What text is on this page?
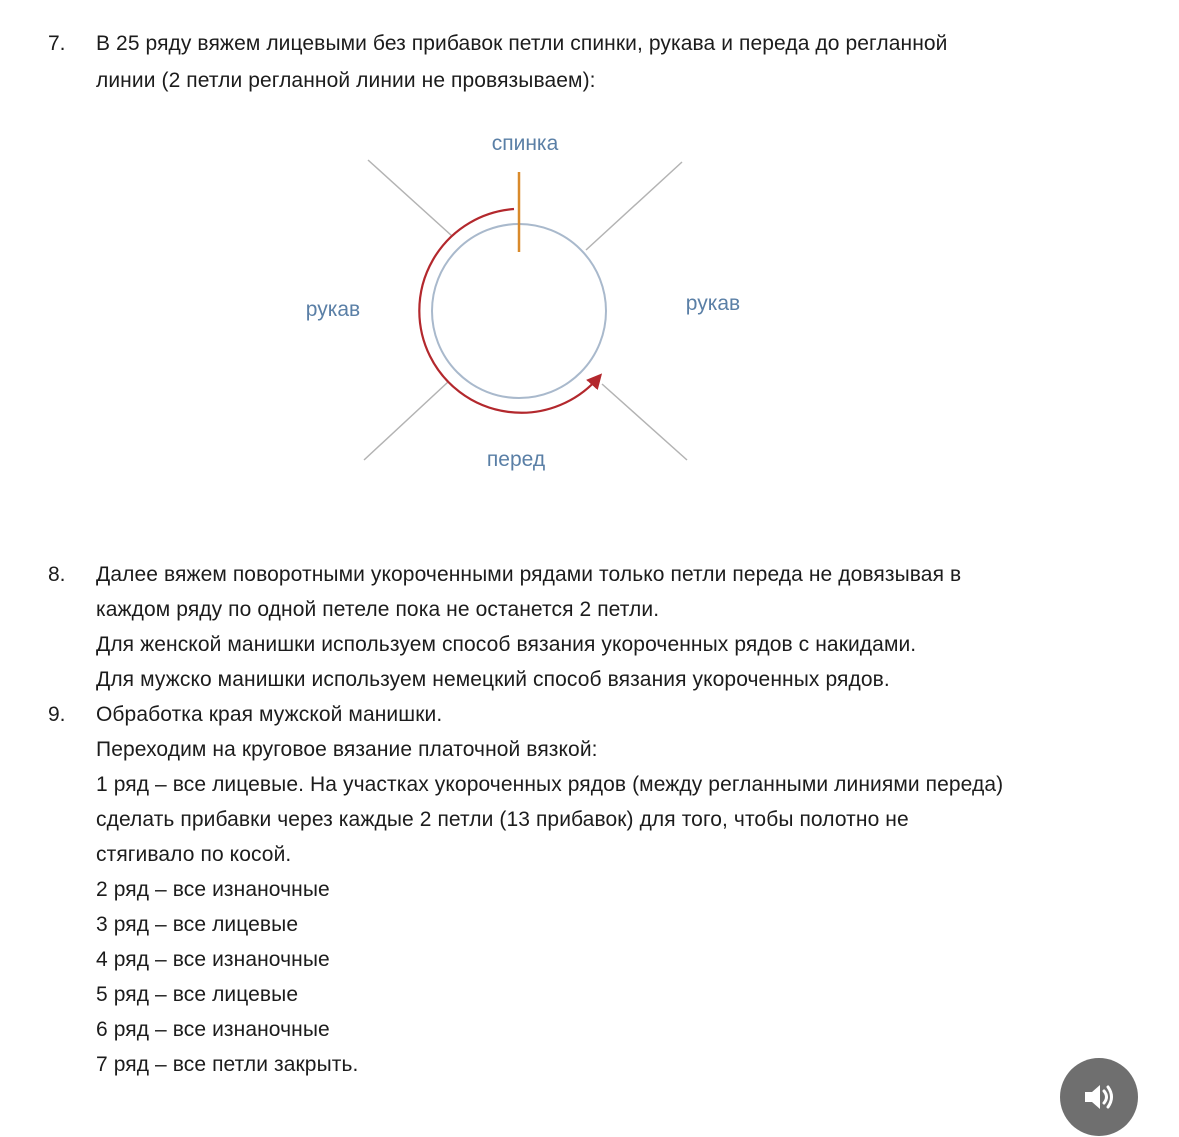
7. В 25 ряду вяжем лицевыми без прибавок петли спинки, рукава и переда до регланной
линии (2 петли регланной линии не провязываем):
спинка
рукав	рукав
перед
8. Далее вяжем поворотными укороченными рядами только петли переда не довязывая в
каждом ряду по одной петеле пока не останется 2 петли.
Для женской манишки используем способ вязания укороченных рядов с накидами.
Для мужско манишки используем немецкий способ вязания укороченных рядов.
9. Обработка края мужской манишки.
Переходим на круговое вязание платочной вязкой:
1 ряд – все лицевые. На участках укороченных рядов (между регланными линиями переда)
сделать прибавки через каждые 2 петли (13 прибавок) для того, чтобы полотно не
стягивало по косой.
2 ряд – все изнаночные
3 ряд – все лицевые
4 ряд – все изнаночные
5 ряд – все лицевые
6 ряд – все изнаночные
7 ряд – все петли закрыть.
